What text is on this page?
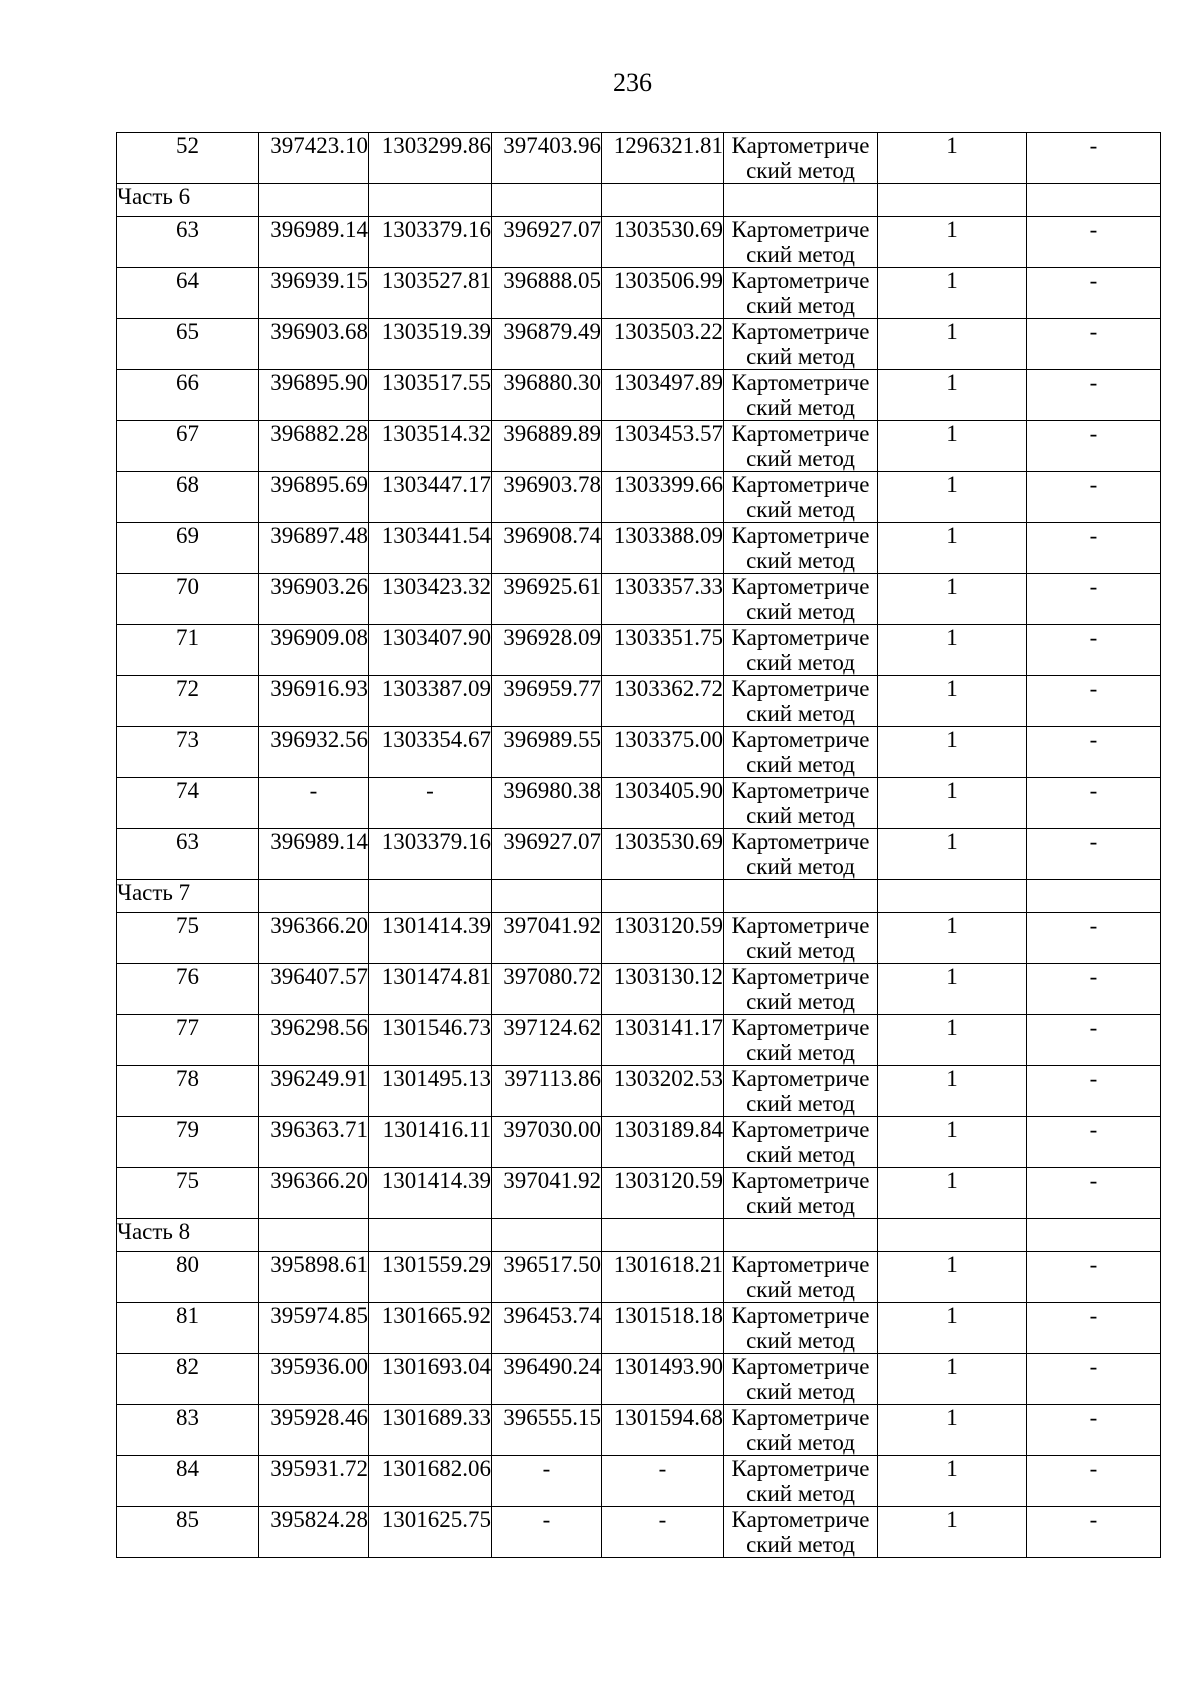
236
52	397423.10	1303299.86	397403.96	1296321.81	Картометриче
ский метод	1	-
Часть 6							
63	396989.14	1303379.16	396927.07	1303530.69	Картометриче
ский метод	1	-
64	396939.15	1303527.81	396888.05	1303506.99	Картометриче
ский метод	1	-
65	396903.68	1303519.39	396879.49	1303503.22	Картометриче
ский метод	1	-
66	396895.90	1303517.55	396880.30	1303497.89	Картометриче
ский метод	1	-
67	396882.28	1303514.32	396889.89	1303453.57	Картометриче
ский метод	1	-
68	396895.69	1303447.17	396903.78	1303399.66	Картометриче
ский метод	1	-
69	396897.48	1303441.54	396908.74	1303388.09	Картометриче
ский метод	1	-
70	396903.26	1303423.32	396925.61	1303357.33	Картометриче
ский метод	1	-
71	396909.08	1303407.90	396928.09	1303351.75	Картометриче
ский метод	1	-
72	396916.93	1303387.09	396959.77	1303362.72	Картометриче
ский метод	1	-
73	396932.56	1303354.67	396989.55	1303375.00	Картометриче
ский метод	1	-
74	-	-	396980.38	1303405.90	Картометриче
ский метод	1	-
63	396989.14	1303379.16	396927.07	1303530.69	Картометриче
ский метод	1	-
Часть 7							
75	396366.20	1301414.39	397041.92	1303120.59	Картометриче
ский метод	1	-
76	396407.57	1301474.81	397080.72	1303130.12	Картометриче
ский метод	1	-
77	396298.56	1301546.73	397124.62	1303141.17	Картометриче
ский метод	1	-
78	396249.91	1301495.13	397113.86	1303202.53	Картометриче
ский метод	1	-
79	396363.71	1301416.11	397030.00	1303189.84	Картометриче
ский метод	1	-
75	396366.20	1301414.39	397041.92	1303120.59	Картометриче
ский метод	1	-
Часть 8							
80	395898.61	1301559.29	396517.50	1301618.21	Картометриче
ский метод	1	-
81	395974.85	1301665.92	396453.74	1301518.18	Картометриче
ский метод	1	-
82	395936.00	1301693.04	396490.24	1301493.90	Картометриче
ский метод	1	-
83	395928.46	1301689.33	396555.15	1301594.68	Картометриче
ский метод	1	-
84	395931.72	1301682.06	-	-	Картометриче
ский метод	1	-
85	395824.28	1301625.75	-	-	Картометриче
ский метод	1	-
